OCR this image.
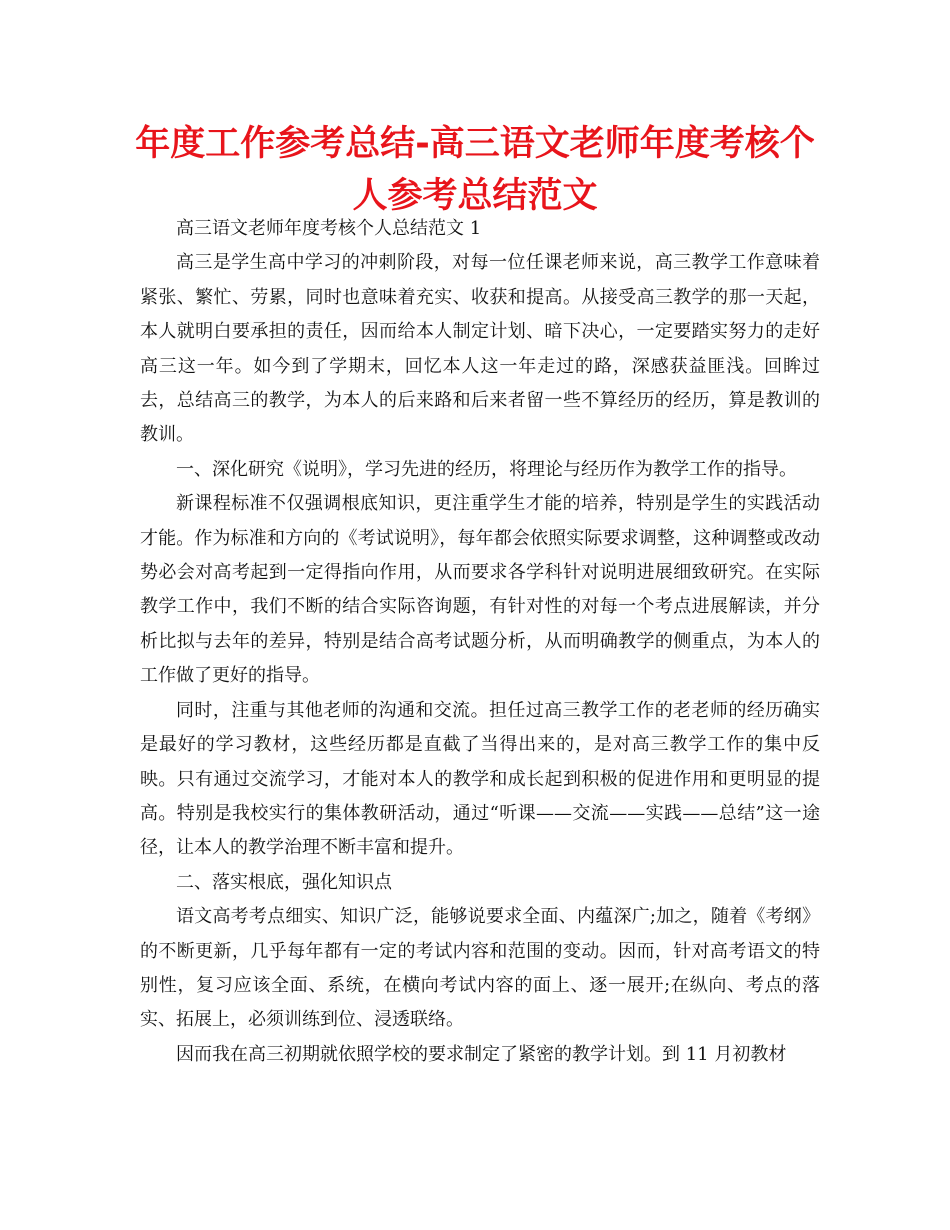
年度工作参考总结-高三语文老师年度考核个人参考总结范文

高三语文老师年度考核个人总结范文 1

高三是学生高中学习的冲刺阶段，对每一位任课老师来说，高三教学工作意味着紧张、繁忙、劳累，同时也意味着充实、收获和提高。从接受高三教学的那一天起，本人就明白要承担的责任，因而给本人制定计划、暗下决心，一定要踏实努力的走好高三这一年。如今到了学期末，回忆本人这一年走过的路，深感获益匪浅。回眸过去，总结高三的教学，为本人的后来路和后来者留一些不算经历的经历，算是教训的教训。

一、深化研究《说明》，学习先进的经历，将理论与经历作为教学工作的指导。

新课程标准不仅强调根底知识，更注重学生才能的培养，特别是学生的实践活动才能。作为标准和方向的《考试说明》，每年都会依照实际要求调整，这种调整或改动势必会对高考起到一定得指向作用，从而要求各学科针对说明进展细致研究。在实际教学工作中，我们不断的结合实际咨询题，有针对性的对每一个考点进展解读，并分析比拟与去年的差异，特别是结合高考试题分析，从而明确教学的侧重点，为本人的工作做了更好的指导。

同时，注重与其他老师的沟通和交流。担任过高三教学工作的老老师的经历确实是最好的学习教材，这些经历都是直截了当得出来的，是对高三教学工作的集中反映。只有通过交流学习，才能对本人的教学和成长起到积极的促进作用和更明显的提高。特别是我校实行的集体教研活动，通过“听课——交流——实践——总结”这一途径，让本人的教学治理不断丰富和提升。

二、落实根底，强化知识点

语文高考考点细实、知识广泛，能够说要求全面、内蕴深广;加之，随着《考纲》的不断更新，几乎每年都有一定的考试内容和范围的变动。因而，针对高考语文的特别性，复习应该全面、系统，在横向考试内容的面上、逐一展开;在纵向、考点的落实、拓展上，必须训练到位、浸透联络。

因而我在高三初期就依照学校的要求制定了紧密的教学计划。到 11 月初教材
